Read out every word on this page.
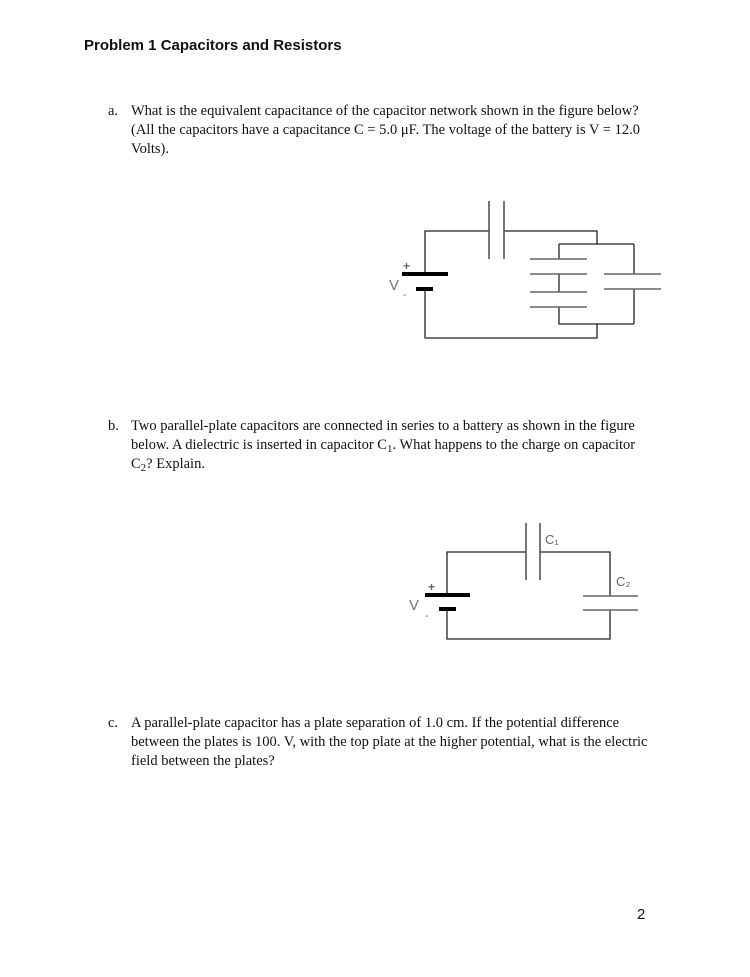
Problem 1 Capacitors and Resistors
a. What is the equivalent capacitance of the capacitor network shown in the figure below? (All the capacitors have a capacitance C = 5.0 μF. The voltage of the battery is V = 12.0 Volts).
b. Two parallel-plate capacitors are connected in series to a battery as shown in the figure below. A dielectric is inserted in capacitor $C_1$. What happens to the charge on capacitor $C_2$? Explain.
c. A parallel-plate capacitor has a plate separation of 1.0 cm. If the potential difference between the plates is 100. V, with the top plate at the higher potential, what is the electric field between the plates?
+
V
-
+
V
-
C₁
C₂
2
